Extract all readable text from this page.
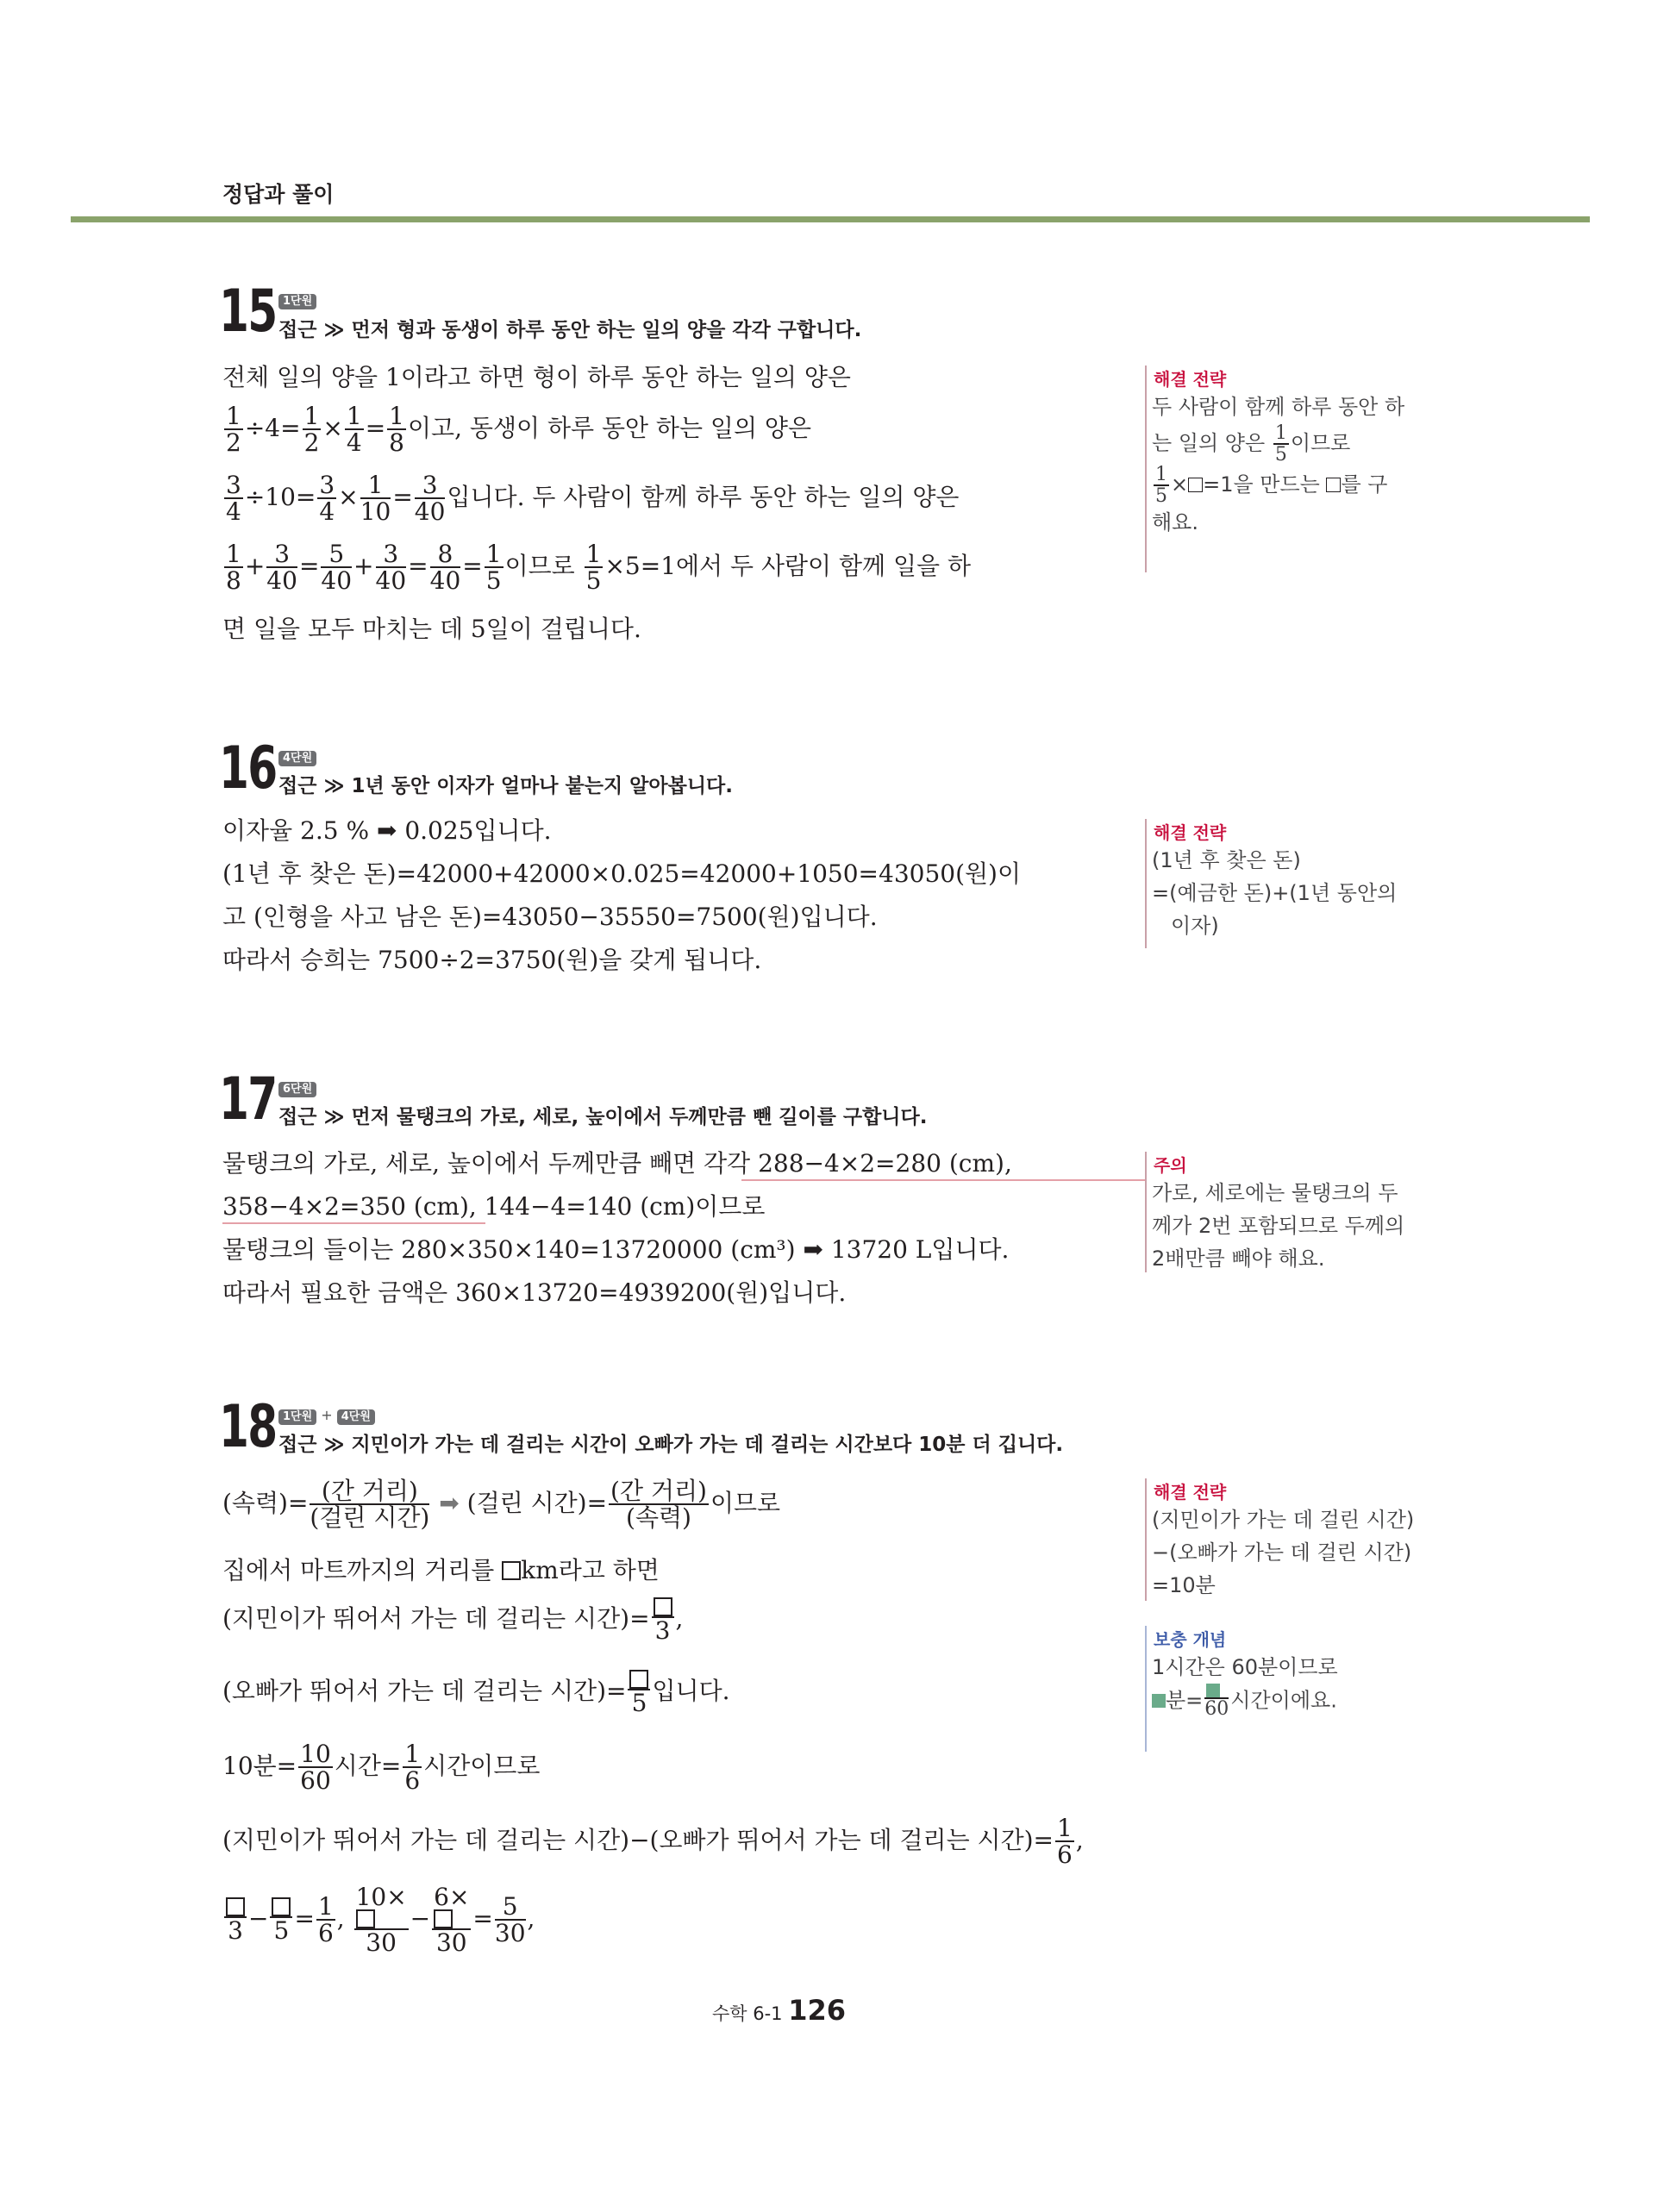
정답과 풀이
15 1단원
접근 ≫ 먼저 형과 동생이 하루 동안 하는 일의 양을 각각 구합니다.
전체 일의 양을 1이라고 하면 형이 하루 동안 하는 일의 양은
$\frac{1}{2} \div 4= \frac{1}{2} \times \frac{1}{4} = \frac{1}{8}$ 이고, 동생이 하루 동안 하는 일의 양은
$\frac{3}{4} \div 10= \frac{3}{4} \times \frac{1}{10} = \frac{3}{40}$ 입니다. 두 사람이 함께 하루 동안 하는 일의 양은
$\frac{1}{8} + \frac{3}{40} = \frac{5}{40} + \frac{3}{40} = \frac{8}{40} = \frac{1}{5}$ 이므로 $\frac{1}{5} \times 5=1$에서 두 사람이 함께 일을 하
면 일을 모두 마치는 데 5일이 걸립니다.
해결 전략
두 사람이 함께 하루 동안 하
는 일의 양은 $\frac{1}{5}$ 이므로
$\frac{1}{5} \times =1$을 만드는 를 구
해요.
16 4단원
접근 ≫ 1년 동안 이자가 얼마나 붙는지 알아봅니다.
이자율 2.5 % ➡ 0.025입니다.
(1년 후 찾은 돈)=42000+42000×0.025=42000+1050=43050(원)이
고 (인형을 사고 남은 돈)=43050−35550=7500(원)입니다.
따라서 승희는 7500÷2=3750(원)을 갖게 됩니다.
해결 전략
(1년 후 찾은 돈)
=(예금한 돈)+(1년 동안의
이자)
17 6단원
접근 ≫ 먼저 물탱크의 가로, 세로, 높이에서 두께만큼 뺀 길이를 구합니다.
물탱크의 가로, 세로, 높이에서 두께만큼 빼면 각각 288−4×2=280 (cm),
358−4×2=350 (cm), 144−4=140 (cm)이므로
물탱크의 들이는 280×350×140=13720000 (cm³) ➡ 13720 L입니다.
따라서 필요한 금액은 360×13720=4939200(원)입니다.
주의
가로, 세로에는 물탱크의 두
께가 2번 포함되므로 두께의
2배만큼 빼야 해요.
18 1단원 + 4단원
접근 ≫ 지민이가 가는 데 걸리는 시간이 오빠가 가는 데 걸리는 시간보다 10분 더 깁니다.
(속력)= $\frac{\text{(간 거리)}}{\text{(걸린 시간)}}$ ➡ (걸린 시간)= $\frac{\text{(간 거리)}}{\text{(속력)}}$ 이므로
집에서 마트까지의 거리를 km라고 하면
(지민이가 뛰어서 가는 데 걸리는 시간)= 3 ,
(오빠가 뛰어서 가는 데 걸리는 시간)= 5 입니다.
10분= $\frac{10}{60}$ 시간= $\frac{1}{6}$ 시간이므로
(지민이가 뛰어서 가는 데 걸리는 시간)−(오빠가 뛰어서 가는 데 걸리는 시간)= $\frac{1}{6}$ ,
$3 - 5 = \frac{1}{6}$ , $\frac{10\times}{30} - \frac{6\times}{30} = \frac{5}{30}$ ,
해결 전략
(지민이가 가는 데 걸린 시간)
−(오빠가 가는 데 걸린 시간)
=10분
보충 개념
1시간은 60분이므로
분= 60 시간이에요.
수학 6-1 126
